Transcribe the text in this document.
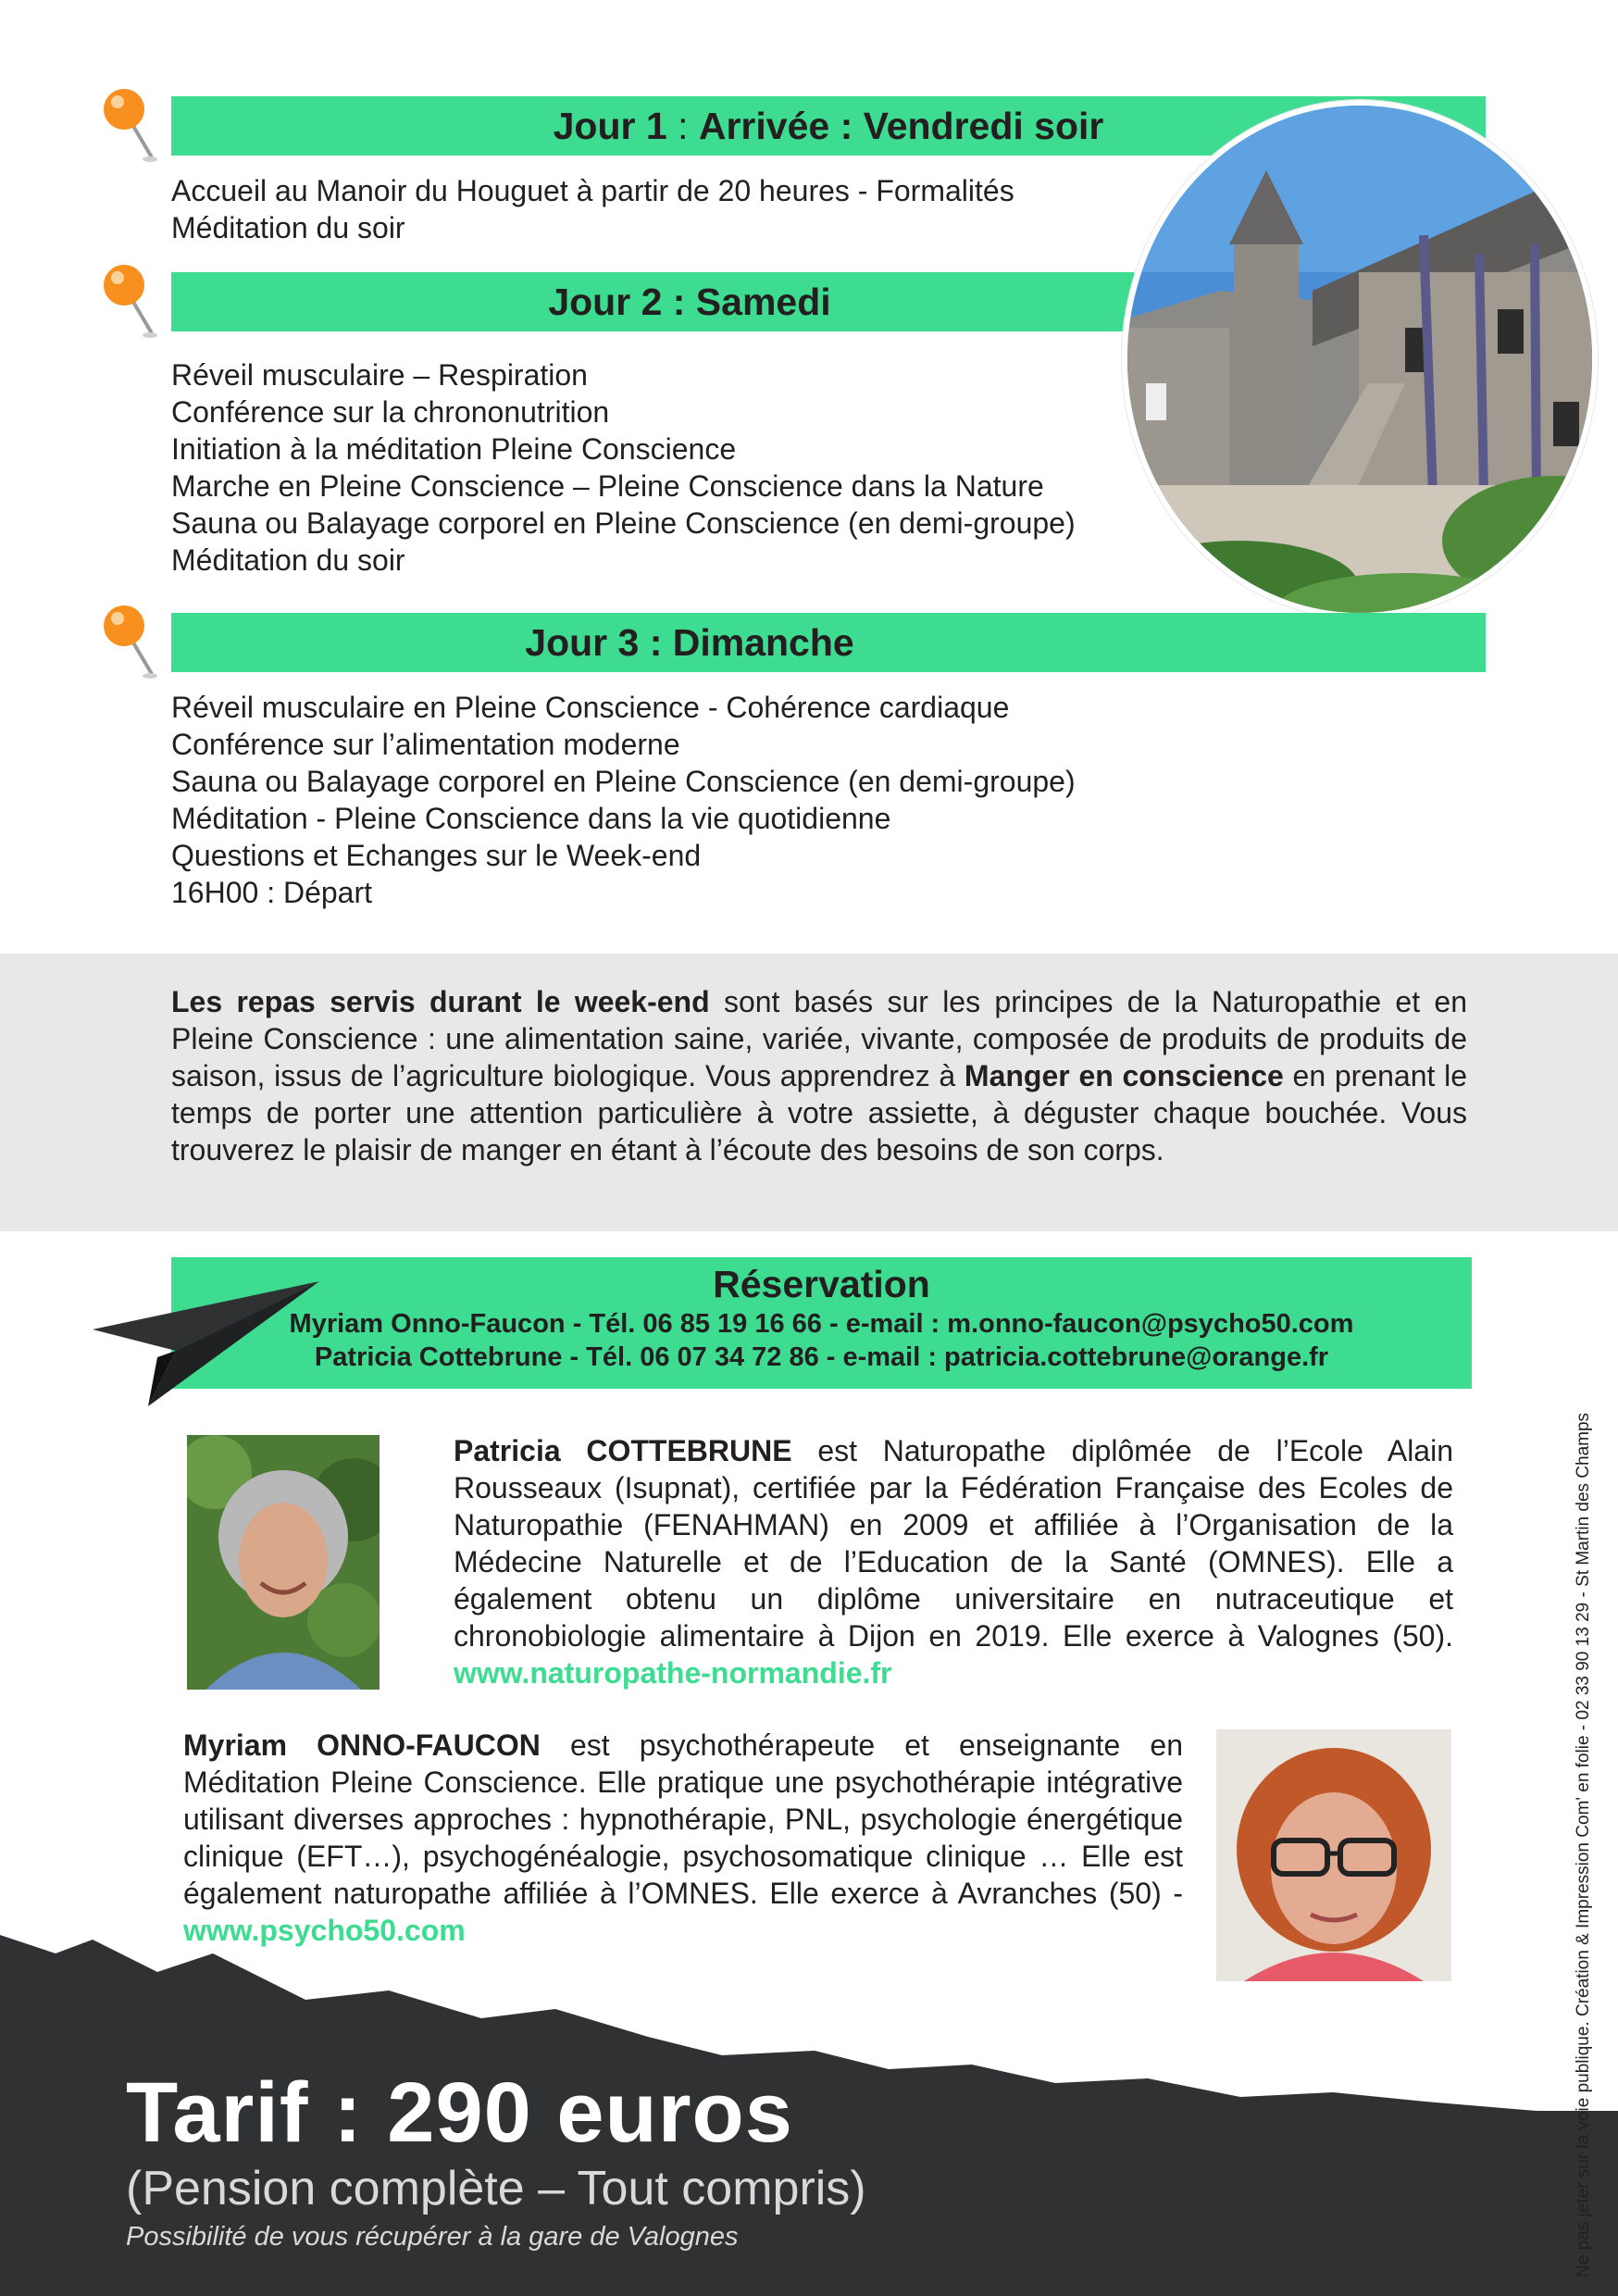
Jour 1 : Arrivée : Vendredi soir
Accueil au Manoir du Houguet à partir de 20 heures - Formalités
Méditation du soir
Jour 2 : Samedi
Réveil musculaire – Respiration
Conférence sur la chrononutrition
Initiation à la méditation Pleine Conscience
Marche en Pleine Conscience – Pleine Conscience dans la Nature
Sauna ou Balayage corporel en Pleine Conscience (en demi-groupe)
Méditation du soir
Jour 3 : Dimanche
Réveil musculaire en Pleine Conscience - Cohérence cardiaque
Conférence sur l’alimentation moderne
Sauna ou Balayage corporel en Pleine Conscience (en demi-groupe)
Méditation - Pleine Conscience dans la vie quotidienne
Questions et Echanges sur le Week-end
16H00 : Départ
Les repas servis durant le week-end sont basés sur les principes de la Naturopathie et en Pleine Conscience : une alimentation saine, variée, vivante, composée de produits de produits de saison, issus de l’agriculture biologique. Vous apprendrez à Manger en conscience en prenant le temps de porter une attention particulière à votre assiette, à déguster chaque bouchée. Vous trouverez le plaisir de manger en étant à l’écoute des besoins de son corps.
Réservation
Myriam Onno-Faucon - Tél. 06 85 19 16 66 - e-mail : m.onno-faucon@psycho50.com
Patricia Cottebrune - Tél. 06 07 34 72 86 - e-mail : patricia.cottebrune@orange.fr
Patricia COTTEBRUNE est Naturopathe diplômée de l’Ecole Alain Rousseaux (Isupnat), certifiée par la Fédération Française des Ecoles de Naturopathie (FENAHMAN) en 2009 et affiliée à l’Organisation de la Médecine Naturelle et de l’Education de la Santé (OMNES). Elle a également obtenu un diplôme universitaire en nutraceutique et chronobiologie alimentaire à Dijon en 2019. Elle exerce à Valognes (50). www.naturopathe-normandie.fr
Myriam ONNO-FAUCON est psychothérapeute et enseignante en Méditation Pleine Conscience. Elle pratique une psychothérapie intégrative utilisant diverses approches : hypnothérapie, PNL, psychologie énergétique clinique (EFT…), psychogénéalogie, psychosomatique clinique … Elle est également naturopathe affiliée à l’OMNES. Elle exerce à Avranches (50) - www.psycho50.com
Tarif : 290 euros
(Pension complète – Tout compris)
Possibilité de vous récupérer à la gare de Valognes	Ne pas jeter sur la voie publique. Création & Impression Com' en folie - 02 33 90 13 29 - St Martin des Champs
